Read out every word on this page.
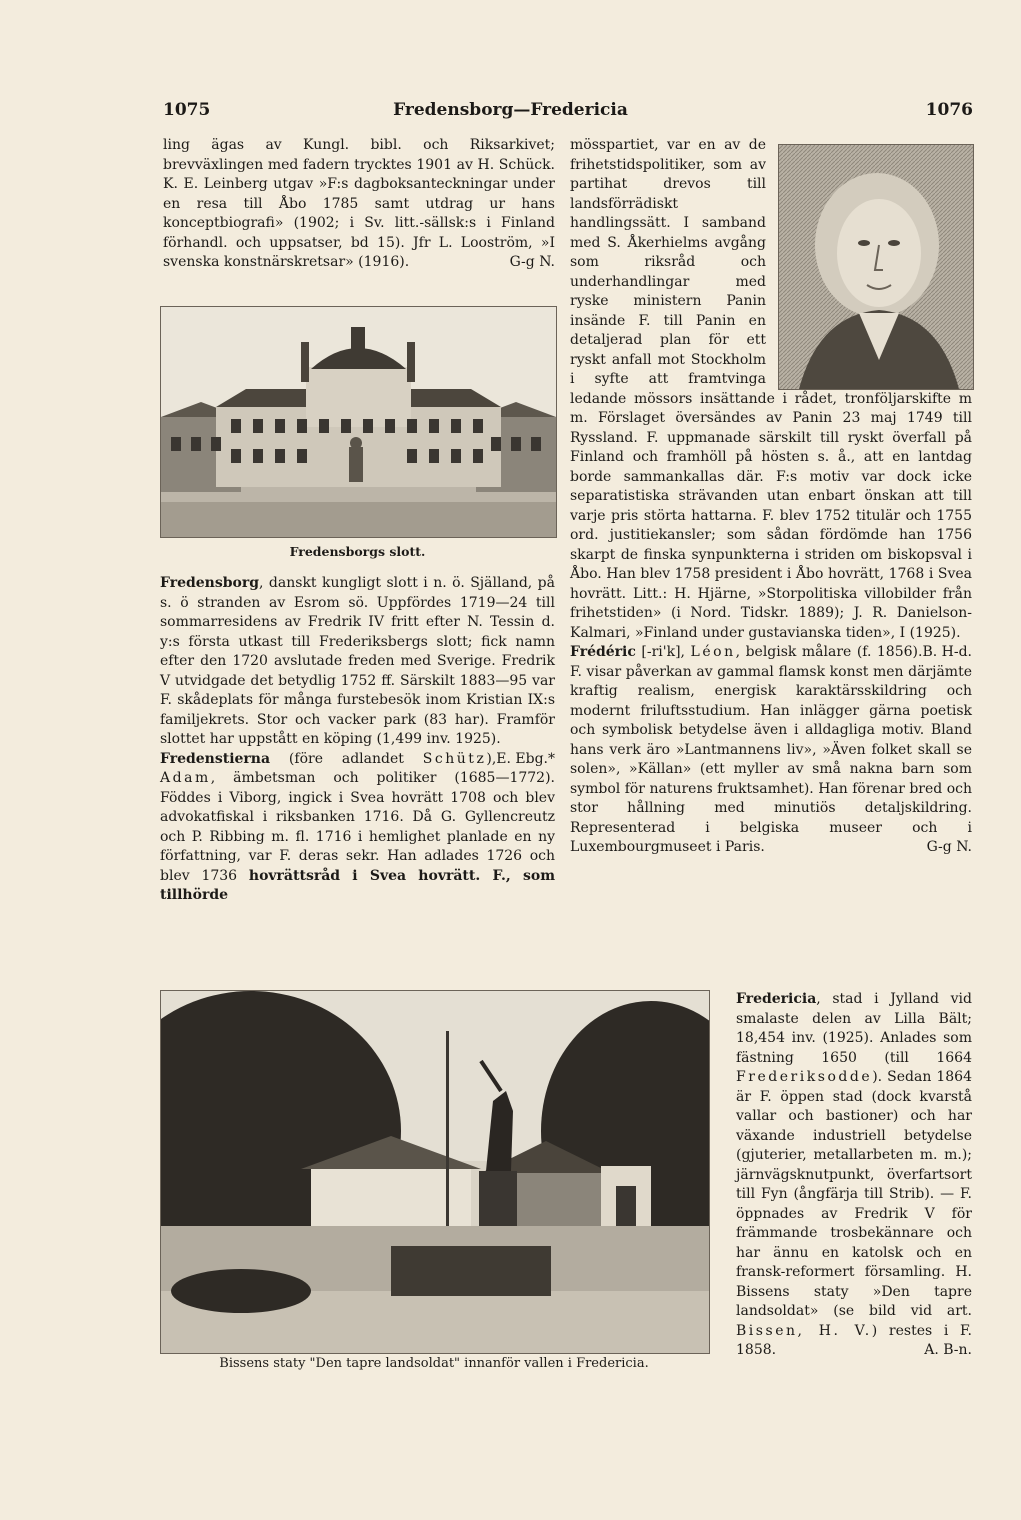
1075	Fredensborg—Fredericia	1076

ling ägas av Kungl. bibl. och Riksarkivet; brevväxlingen med fadern trycktes 1901 av H. Schück. K. E. Leinberg utgav »F:s dagboksanteckningar under en resa till Åbo 1785 samt utdrag ur hans konceptbiografi» (1902; i Sv. litt.-sällsk:s i Finland förhandl. och uppsatser, bd 15). Jfr L. Looström, »I svenska konstnärskretsar» (1916).	G-g N.

Fredensborgs slott.

Fredensborg, danskt kungligt slott i n. ö. Själland, på s. ö stranden av Esrom sö. Uppfördes 1719—24 till sommarresidens av Fredrik IV fritt efter N. Tessin d. y:s första utkast till Frederiksbergs slott; fick namn efter den 1720 avslutade freden med Sverige. Fredrik V utvidgade det betydlig 1752 ff. Särskilt 1883—95 var F. skådeplats för många furstebesök inom Kristian IX:s familjekrets. Stor och vacker park (83 har). Framför slottet har uppstått en köping (1,499 inv. 1925).
E. Ebg.*

Fredenstierna (före adlandet Schütz), Adam, ämbetsman och politiker (1685—1772). Föddes i Viborg, ingick i Svea hovrätt 1708 och blev advokatfiskal i riksbanken 1716. Då G. Gyllencreutz och P. Ribbing m. fl. 1716 i hemlighet planlade en ny författning, var F. deras sekr. Han adlades 1726 och blev 1736 hovrättsråd i Svea hovrätt. F., som tillhörde

mösspartiet, var en av de frihetstidspolitiker, som av partihat drevos till landsförrädiskt handlingssätt. I samband med S. Åkerhielms avgång som riksråd och underhandlingar med ryske ministern Panin insände F. till Panin en detaljerad plan för ett ryskt anfall mot Stockholm i syfte att framtvinga ledande mössors insättande i rådet, tronföljarskifte m m. Förslaget översändes av Panin 23 maj 1749 till Ryssland. F. uppmanade särskilt till ryskt överfall på Finland och framhöll på hösten s. å., att en lantdag borde sammankallas där. F:s motiv var dock icke separatistiska strävanden utan enbart önskan att till varje pris störta hattarna. F. blev 1752 titulär och 1755 ord. justitiekansler; som sådan fördömde han 1756 skarpt de finska synpunkterna i striden om biskopsval i Åbo. Han blev 1758 president i Åbo hovrätt, 1768 i Svea hovrätt. Litt.: H. Hjärne, »Storpolitiska villobilder från frihetstiden» (i Nord. Tidskr. 1889); J. R. Danielson-Kalmari, »Finland under gustavianska tiden», I (1925).
B. H-d.

Frédéric [-ri'k], Léon, belgisk målare (f. 1856). F. visar påverkan av gammal flamsk konst men därjämte kraftig realism, energisk karaktärsskildring och modernt friluftsstudium. Han inlägger gärna poetisk och symbolisk betydelse även i alldagliga motiv. Bland hans verk äro »Lantmannens liv», »Även folket skall se solen», »Källan» (ett myller av små nakna barn som symbol för naturens fruktsamhet). Han förenar bred och stor hållning med minutiös detaljskildring. Representerad i belgiska museer och i Luxembourgmuseet i Paris.	G-g N.

Bissens staty "Den tapre landsoldat" innanför vallen i Fredericia.

Fredericia, stad i Jylland vid smalaste delen av Lilla Bält; 18,454 inv. (1925). Anlades som fästning 1650 (till 1664 Frederiksodde). Sedan 1864 är F. öppen stad (dock kvarstå vallar och bastioner) och har växande industriell betydelse (gjuterier, metallarbeten m. m.); järnvägsknutpunkt, överfartsort till Fyn (ångfärja till Strib). — F. öppnades av Fredrik V för främmande trosbekännare och har ännu en katolsk och en fransk-reformert församling. H. Bissens staty »Den tapre landsoldat» (se bild vid art. Bissen, H. V.) restes i F. 1858.	A. B-n.
